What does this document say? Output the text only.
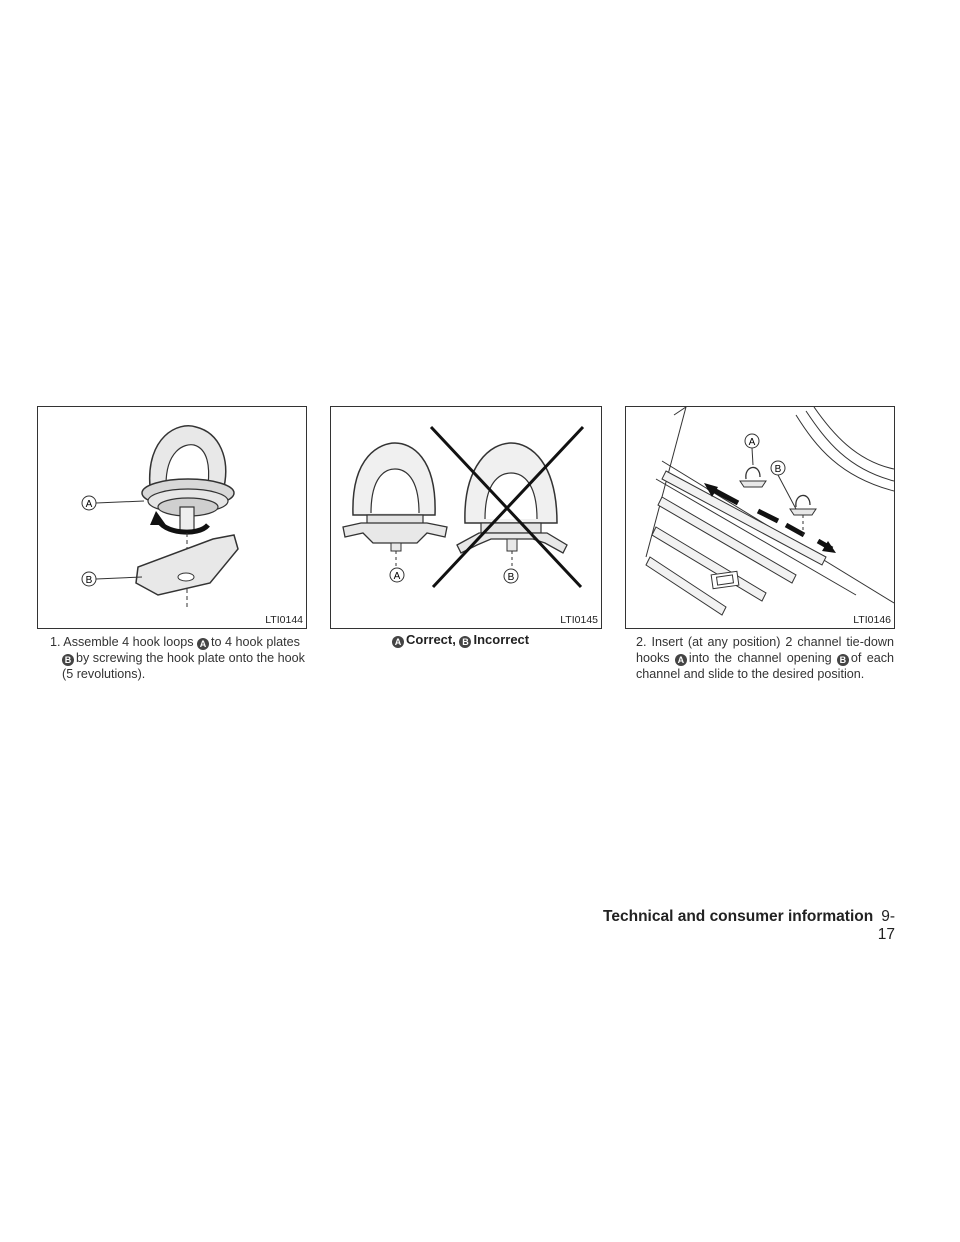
A
B
LTI0144
A	B
LTI0145
A
B
LTI0146
1. Assemble 4 hook loops A to 4 hook plates
B by screwing the hook plate onto the hook (5 revolutions).
A Correct, B Incorrect	2. Insert (at any position) 2 channel tie-down hooks A into the channel opening B of each channel and slide to the desired position.
Technical and consumer information 9-17
